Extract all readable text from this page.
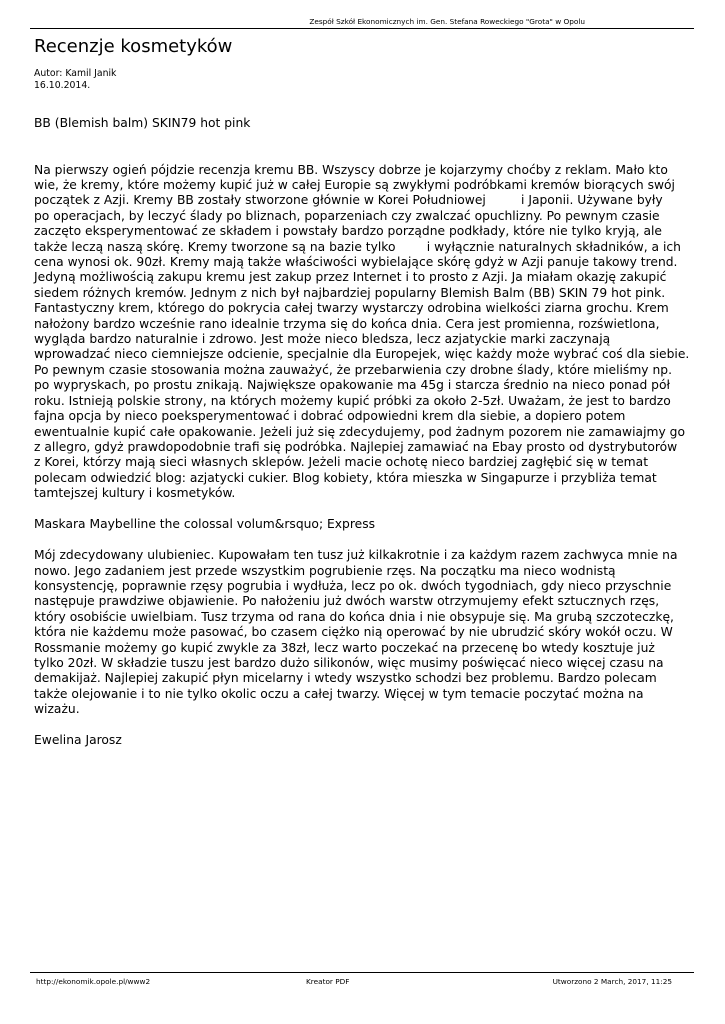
Zespół Szkół Ekonomicznych im. Gen. Stefana Roweckiego "Grota" w Opolu
Recenzje kosmetyków
Autor: Kamil Janik
16.10.2014.

BB (Blemish balm) SKIN79 hot pink

Na pierwszy ogień pójdzie recenzja kremu BB. Wszyscy dobrze je kojarzymy choćby z reklam. Mało kto
wie, że kremy, które możemy kupić już w całej Europie są zwykłymi podróbkami kremów biorących swój
początek z Azji. Kremy BB zostały stworzone głównie w Korei Południowej         i Japonii. Używane były
po operacjach, by leczyć ślady po bliznach, poparzeniach czy zwalczać opuchlizny. Po pewnym czasie
zaczęto eksperymentować ze składem i powstały bardzo porządne podkłady, które nie tylko kryją, ale
także leczą naszą skórę. Kremy tworzone są na bazie tylko        i wyłącznie naturalnych składników, a ich
cena wynosi ok. 90zł. Kremy mają także właściwości wybielające skórę gdyż w Azji panuje takowy trend.
Jedyną możliwością zakupu kremu jest zakup przez Internet i to prosto z Azji. Ja miałam okazję zakupić
siedem różnych kremów. Jednym z nich był najbardziej popularny Blemish Balm (BB) SKIN 79 hot pink.
Fantastyczny krem, którego do pokrycia całej twarzy wystarczy odrobina wielkości ziarna grochu. Krem
nałożony bardzo wcześnie rano idealnie trzyma się do końca dnia. Cera jest promienna, rozświetlona,
wygląda bardzo naturalnie i zdrowo. Jest może nieco bledsza, lecz azjatyckie marki zaczynają
wprowadzać nieco ciemniejsze odcienie, specjalnie dla Europejek, więc każdy może wybrać coś dla siebie.
Po pewnym czasie stosowania można zauważyć, że przebarwienia czy drobne ślady, które mieliśmy np.
po wypryskach, po prostu znikają. Największe opakowanie ma 45g i starcza średnio na nieco ponad pół
roku. Istnieją polskie strony, na których możemy kupić próbki za około 2-5zł. Uważam, że jest to bardzo
fajna opcja by nieco poeksperymentować i dobrać odpowiedni krem dla siebie, a dopiero potem
ewentualnie kupić całe opakowanie. Jeżeli już się zdecydujemy, pod żadnym pozorem nie zamawiajmy go
z allegro, gdyż prawdopodobnie trafi się podróbka. Najlepiej zamawiać na Ebay prosto od dystrybutorów
z Korei, którzy mają sieci własnych sklepów. Jeżeli macie ochotę nieco bardziej zagłębić się w temat
polecam odwiedzić blog: azjatycki cukier. Blog kobiety, która mieszka w Singapurze i przybliża temat
tamtejszej kultury i kosmetyków.

Maskara Maybelline the colossal volum&rsquo; Express

Mój zdecydowany ulubieniec. Kupowałam ten tusz już kilkakrotnie i za każdym razem zachwyca mnie na
nowo. Jego zadaniem jest przede wszystkim pogrubienie rzęs. Na początku ma nieco wodnistą
konsystencję, poprawnie rzęsy pogrubia i wydłuża, lecz po ok. dwóch tygodniach, gdy nieco przyschnie
następuje prawdziwe objawienie. Po nałożeniu już dwóch warstw otrzymujemy efekt sztucznych rzęs,
który osobiście uwielbiam. Tusz trzyma od rana do końca dnia i nie obsypuje się. Ma grubą szczoteczkę,
która nie każdemu może pasować, bo czasem ciężko nią operować by nie ubrudzić skóry wokół oczu. W
Rossmanie możemy go kupić zwykle za 38zł, lecz warto poczekać na przecenę bo wtedy kosztuje już
tylko 20zł. W składzie tuszu jest bardzo dużo silikonów, więc musimy poświęcać nieco więcej czasu na
demakijaż. Najlepiej zakupić płyn micelarny i wtedy wszystko schodzi bez problemu. Bardzo polecam
także olejowanie i to nie tylko okolic oczu a całej twarzy. Więcej w tym temacie poczytać można na
wizażu.

Ewelina Jarosz

http://ekonomik.opole.pl/www2	Kreator PDF	Utworzono 2 March, 2017, 11:25
